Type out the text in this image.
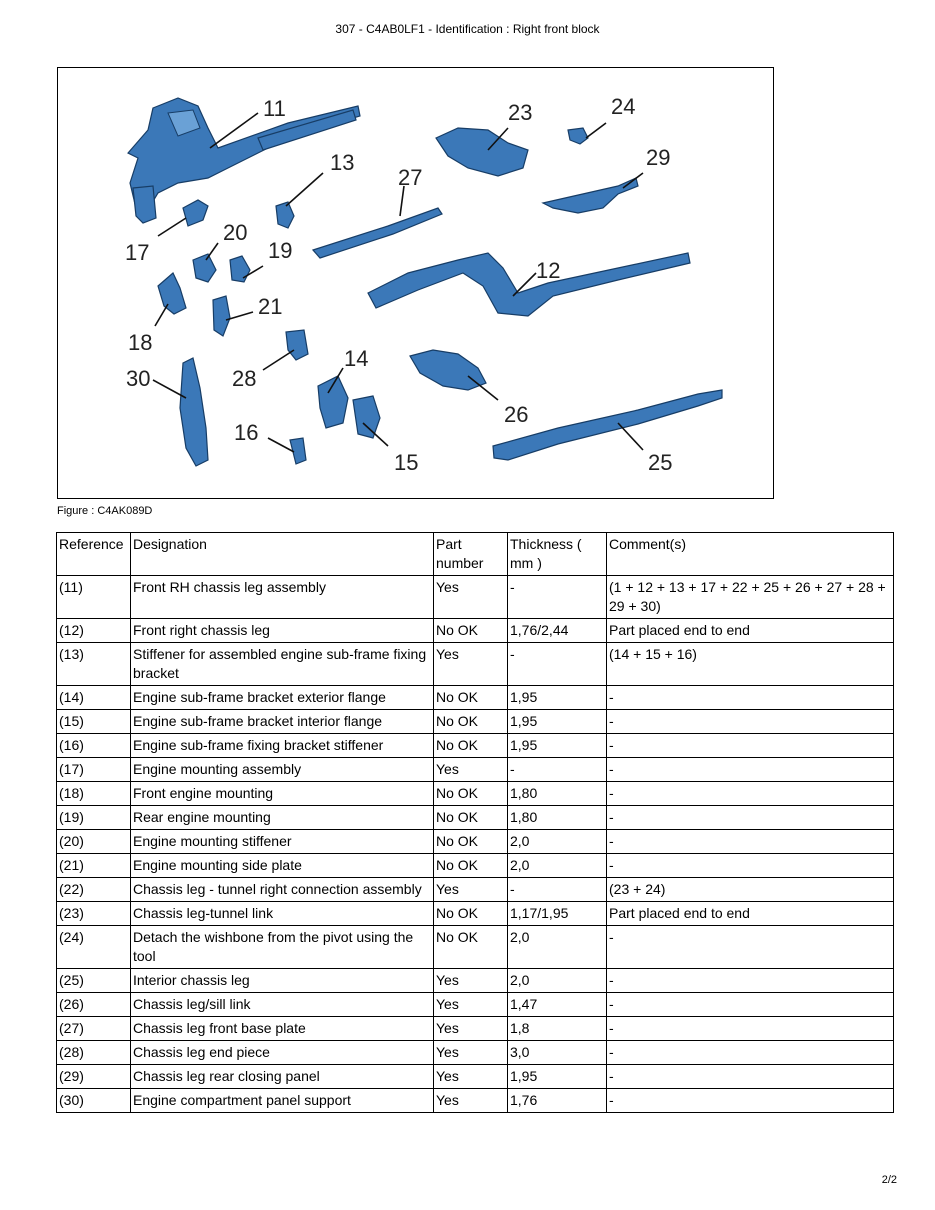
307 - C4AB0LF1 - Identification : Right front block
11
12
13
14
15
16
17
18
19
20
21
23	24
25
26
27
28
29
30
Figure : C4AK089D
Reference	Designation	Part number	Thickness ( mm )	Comment(s)
(11)	Front RH chassis leg assembly	Yes	-	(1 + 12 + 13 + 17 + 22 + 25 + 26 + 27 + 28 + 29 + 30)
(12)	Front right chassis leg	No OK	1,76/2,44	Part placed end to end
(13)	Stiffener for assembled engine sub-frame fixing bracket	Yes	-	(14 + 15 + 16)
(14)	Engine sub-frame bracket exterior flange	No OK	1,95	-
(15)	Engine sub-frame bracket interior flange	No OK	1,95	-
(16)	Engine sub-frame fixing bracket stiffener	No OK	1,95	-
(17)	Engine mounting assembly	Yes	-	-
(18)	Front engine mounting	No OK	1,80	-
(19)	Rear engine mounting	No OK	1,80	-
(20)	Engine mounting stiffener	No OK	2,0	-
(21)	Engine mounting side plate	No OK	2,0	-
(22)	Chassis leg - tunnel right connection assembly	Yes	-	(23 + 24)
(23)	Chassis leg-tunnel link	No OK	1,17/1,95	Part placed end to end
(24)	Detach the wishbone from the pivot using the tool	No OK	2,0	-
(25)	Interior chassis leg	Yes	2,0	-
(26)	Chassis leg/sill link	Yes	1,47	-
(27)	Chassis leg front base plate	Yes	1,8	-
(28)	Chassis leg end piece	Yes	3,0	-
(29)	Chassis leg rear closing panel	Yes	1,95	-
(30)	Engine compartment panel support	Yes	1,76	-
2/2
